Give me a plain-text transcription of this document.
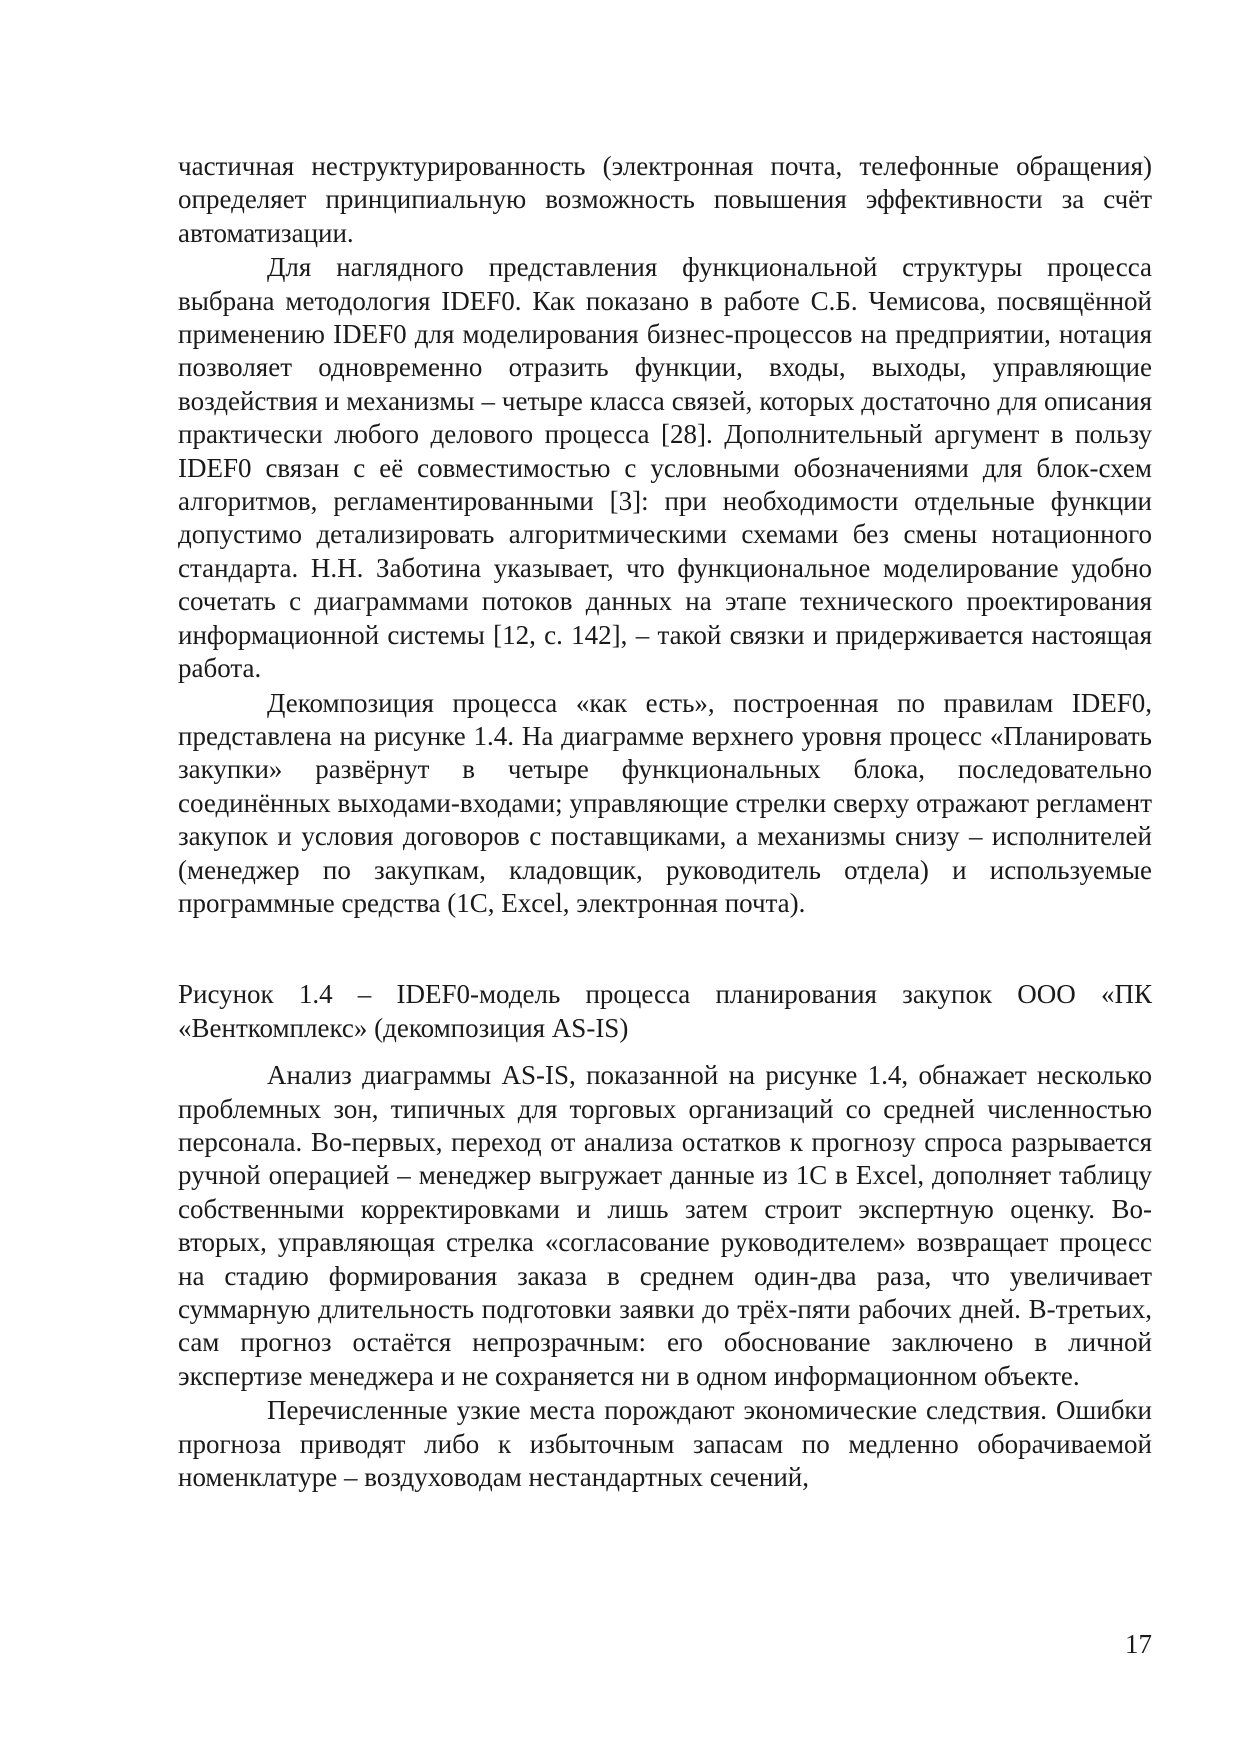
частичная неструктурированность (электронная почта, телефонные обращения) определяет принципиальную возможность повышения эффективности за счёт автоматизации.

Для наглядного представления функциональной структуры процесса выбрана методология IDEF0. Как показано в работе С.Б. Чемисова, посвящённой применению IDEF0 для моделирования бизнес-процессов на предприятии, нотация позволяет одновременно отразить функции, входы, выходы, управляющие воздействия и механизмы – четыре класса связей, которых достаточно для описания практически любого делового процесса [28]. Дополнительный аргумент в пользу IDEF0 связан с её совместимостью с условными обозначениями для блок-схем алгоритмов, регламентированными [3]: при необходимости отдельные функции допустимо детализировать алгоритмическими схемами без смены нотационного стандарта. Н.Н. Заботина указывает, что функциональное моделирование удобно сочетать с диаграммами потоков данных на этапе технического проектирования информационной системы [12, с. 142], – такой связки и придерживается настоящая работа.

Декомпозиция процесса «как есть», построенная по правилам IDEF0, представлена на рисунке 1.4. На диаграмме верхнего уровня процесс «Планировать закупки» развёрнут в четыре функциональных блока, последовательно соединённых выходами-входами; управляющие стрелки сверху отражают регламент закупок и условия договоров с поставщиками, а механизмы снизу – исполнителей (менеджер по закупкам, кладовщик, руководитель отдела) и используемые программные средства (1С, Excel, электронная почта).

Рисунок 1.4 – IDEF0-модель процесса планирования закупок ООО «ПК «Венткомплекс» (декомпозиция AS-IS)

Анализ диаграммы AS-IS, показанной на рисунке 1.4, обнажает несколько проблемных зон, типичных для торговых организаций со средней численностью персонала. Во-первых, переход от анализа остатков к прогнозу спроса разрывается ручной операцией – менеджер выгружает данные из 1С в Excel, дополняет таблицу собственными корректировками и лишь затем строит экспертную оценку. Во-вторых, управляющая стрелка «согласование руководителем» возвращает процесс на стадию формирования заказа в среднем один-два раза, что увеличивает суммарную длительность подготовки заявки до трёх-пяти рабочих дней. В-третьих, сам прогноз остаётся непрозрачным: его обоснование заключено в личной экспертизе менеджера и не сохраняется ни в одном информационном объекте.

Перечисленные узкие места порождают экономические следствия. Ошибки прогноза приводят либо к избыточным запасам по медленно оборачиваемой номенклатуре – воздуховодам нестандартных сечений,

17
